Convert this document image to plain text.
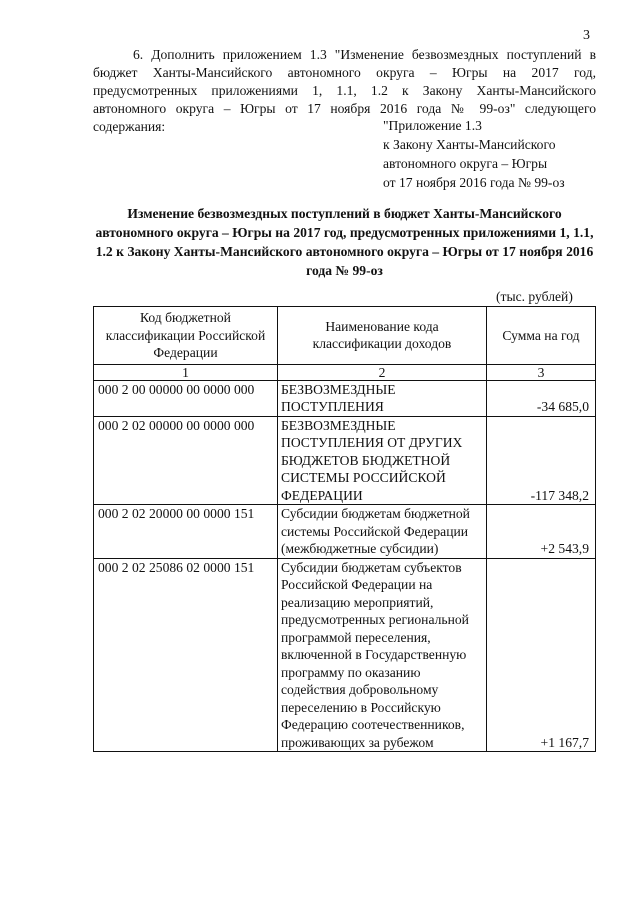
3

6. Дополнить приложением 1.3 "Изменение безвозмездных поступлений в бюджет Ханты-Мансийского автономного округа – Югры на 2017 год, предусмотренных приложениями 1, 1.1, 1.2 к Закону Ханты-Мансийского автономного округа – Югры от 17 ноября 2016 года № 99-оз" следующего содержания:	"Приложение 1.3
к Закону Ханты-Мансийского
автономного округа – Югры
от 17 ноября 2016 года № 99-оз

Изменение безвозмездных поступлений в бюджет Ханты-Мансийского автономного округа – Югры на 2017 год, предусмотренных приложениями 1, 1.1, 1.2 к Закону Ханты-Мансийского автономного округа – Югры от 17 ноября 2016 года № 99-оз

(тыс. рублей)
Код бюджетной классификации Российской Федерации	Наименование кода классификации доходов	Сумма на год
1	2	3
000 2 00 00000 00 0000 000	БЕЗВОЗМЕЗДНЫЕ ПОСТУПЛЕНИЯ	-34 685,0
000 2 02 00000 00 0000 000	БЕЗВОЗМЕЗДНЫЕ ПОСТУПЛЕНИЯ ОТ ДРУГИХ БЮДЖЕТОВ БЮДЖЕТНОЙ СИСТЕМЫ РОССИЙСКОЙ ФЕДЕРАЦИИ	-117 348,2
000 2 02 20000 00 0000 151	Субсидии бюджетам бюджетной системы Российской Федерации (межбюджетные субсидии)	+2 543,9
000 2 02 25086 02 0000 151	Субсидии бюджетам субъектов Российской Федерации на реализацию мероприятий, предусмотренных региональной программой переселения, включенной в Государственную программу по оказанию содействия добровольному переселению в Российскую Федерацию соотечественников, проживающих за рубежом	+1 167,7
